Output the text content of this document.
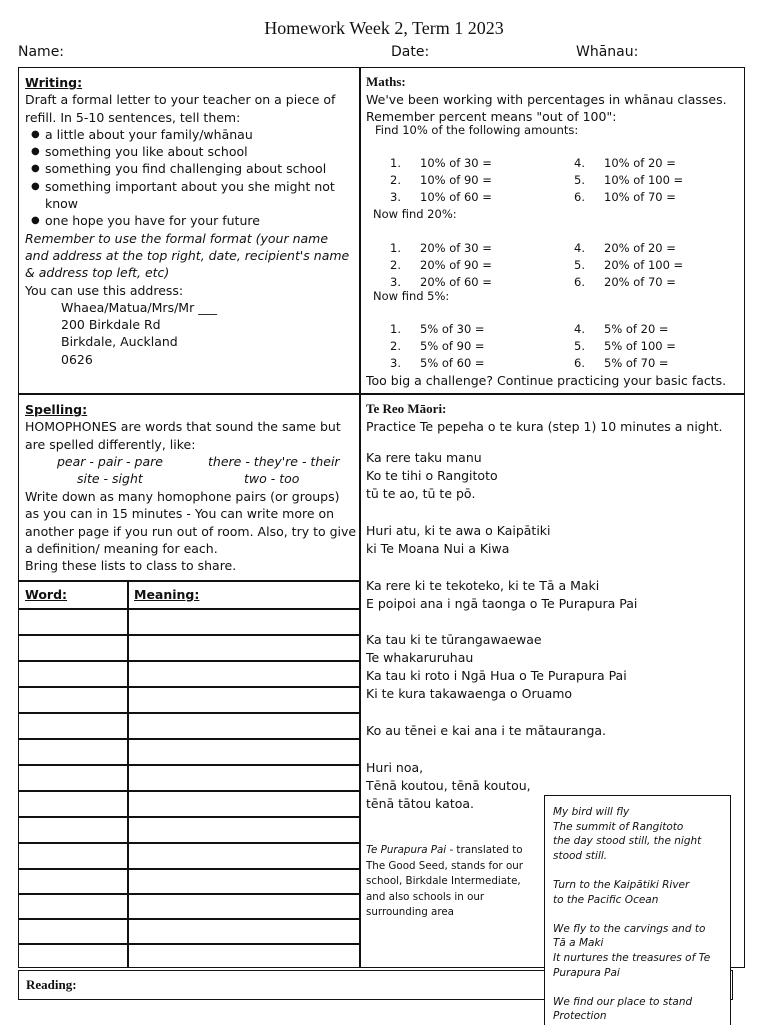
Homework Week 2, Term 1 2023
Name:	Date:	Whānau:
Writing:

Draft a formal letter to your teacher on a piece of refill. In 5-10 sentences, tell them:

● a little about your family/whānau
● something you like about school
● something you find challenging about school
● something important about you she might not know
● one hope you have for your future

Remember to use the formal format (your name and address at the top right, date, recipient's name & address top left, etc)

You can use this address:

Whaea/Matua/Mrs/Mr ___

200 Birkdale Rd

Birkdale, Auckland

0626

Maths:
We've been working with percentages in whānau classes.
Remember percent means "out of 100":
Find 10% of the following amounts:
1. 10% of 30 =	4. 10% of 20 =
2. 10% of 90 =	5. 10% of 100 =
3. 10% of 60 =	6. 10% of 70 =
Now find 20%:
1. 20% of 30 =	4. 20% of 20 =
2. 20% of 90 =	5. 20% of 100 =
3. 20% of 60 =	6. 20% of 70 =
Now find 5%:
1. 5% of 30 =	4. 5% of 20 =
2. 5% of 90 =	5. 5% of 100 =
3. 5% of 60 =	6. 5% of 70 =
Too big a challenge? Continue practicing your basic facts.
Spelling:

HOMOPHONES are words that sound the same but are spelled differently, like:

pear - pair - pare	there - they're - their
site - sight	two - too

Write down as many homophone pairs (or groups) as you can in 15 minutes - You can write more on another page if you run out of room. Also, try to give a definition/ meaning for each.

Bring these lists to class to share.

Word:	Meaning:
Te Reo Māori:
Practice Te pepeha o te kura (step 1) 10 minutes a night.
Ka rere taku manu
Ko te tihi o Rangitoto
tū te ao, tū te pō.
Huri atu, ki te awa o Kaipātiki
ki Te Moana Nui a Kiwa
Ka rere ki te tekoteko, ki te Tā a Maki
E poipoi ana i ngā taonga o Te Purapura Pai
Ka tau ki te tūrangawaewae
Te whakaruruhau
Ka tau ki roto i Ngā Hua o Te Purapura Pai
Ki te kura takawaenga o Oruamo
Ko au tēnei e kai ana i te mātauranga.
Huri noa,
Tēnā koutou, tēnā koutou,
tēnā tātou katoa.
Te Purapura Pai - translated to The Good Seed, stands for our school, Birkdale Intermediate, and also schools in our surrounding area
Reading:
My bird will fly
The summit of Rangitoto
the day stood still, the night stood still.
Turn to the Kaipātiki River
to the Pacific Ocean
We fly to the carvings and to Tā a Maki
It nurtures the treasures of Te Purapura Pai
We find our place to stand
Protection
